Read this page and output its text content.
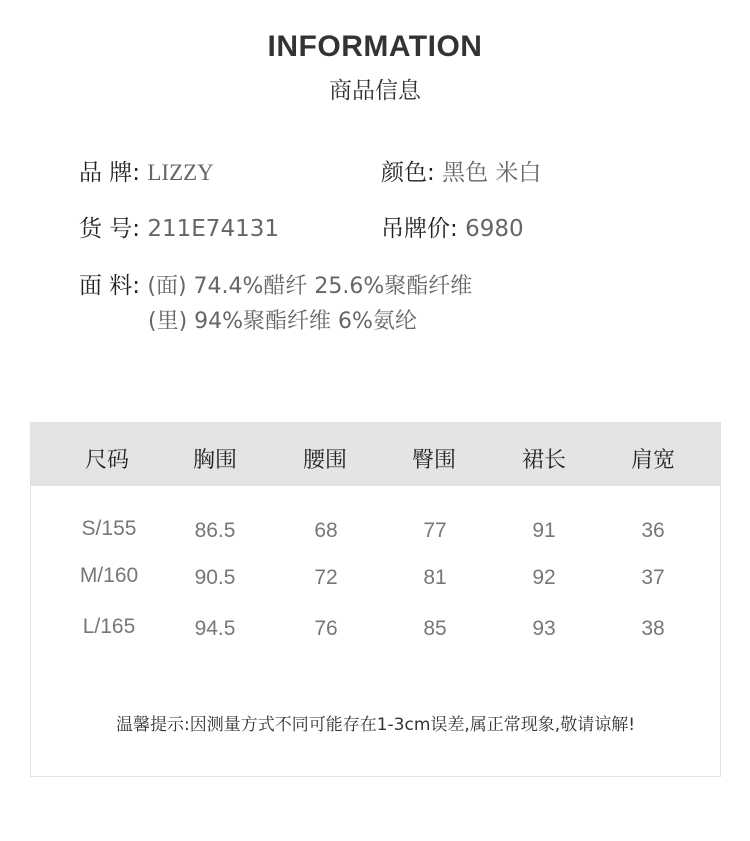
INFORMATION
商品信息
品 牌: LIZZY	颜色: 黑色 米白
货 号: 211E74131	吊牌价: 6980
面 料: (面) 74.4%醋纤 25.6%聚酯纤维
(里) 94%聚酯纤维 6%氨纶
尺码	胸围	腰围	臀围	裙长	肩宽
S/155	86.5	68	77	91	36
M/160	90.5	72	81	92	37
L/165	94.5	76	85	93	38
温馨提示:因测量方式不同可能存在1-3cm误差,属正常现象,敬请谅解!
